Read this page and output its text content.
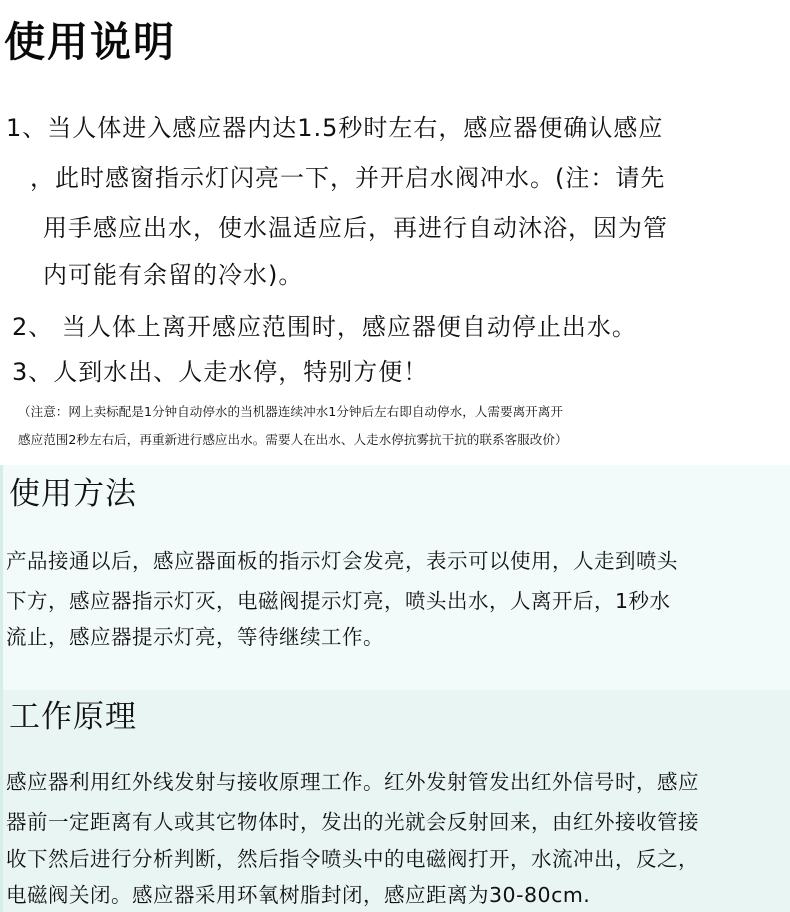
使用说明

1、当人体进入感应器内达1.5秒时左右，感应器便确认感应

，此时感窗指示灯闪亮一下，并开启水阀冲水。(注：请先

用手感应出水，使水温适应后，再进行自动沐浴，因为管

内可能有余留的冷水)。

2、 当人体上离开感应范围时，感应器便自动停止出水。

3、人到水出、人走水停，特别方便！

（注意：网上卖标配是1分钟自动停水的当机器连续冲水1分钟后左右即自动停水，人需要离开离开

感应范围2秒左右后，再重新进行感应出水。需要人在出水、人走水停抗雾抗干抗的联系客服改价）

使用方法

产品接通以后，感应器面板的指示灯会发亮，表示可以使用，人走到喷头

下方，感应器指示灯灭，电磁阀提示灯亮，喷头出水，人离开后，1秒水

流止，感应器提示灯亮，等待继续工作。

工作原理

感应器利用红外线发射与接收原理工作。红外发射管发出红外信号时，感应

器前一定距离有人或其它物体时，发出的光就会反射回来，由红外接收管接

收下然后进行分析判断，然后指令喷头中的电磁阀打开，水流冲出，反之，

电磁阀关闭。感应器采用环氧树脂封闭，感应距离为30-80cm.
